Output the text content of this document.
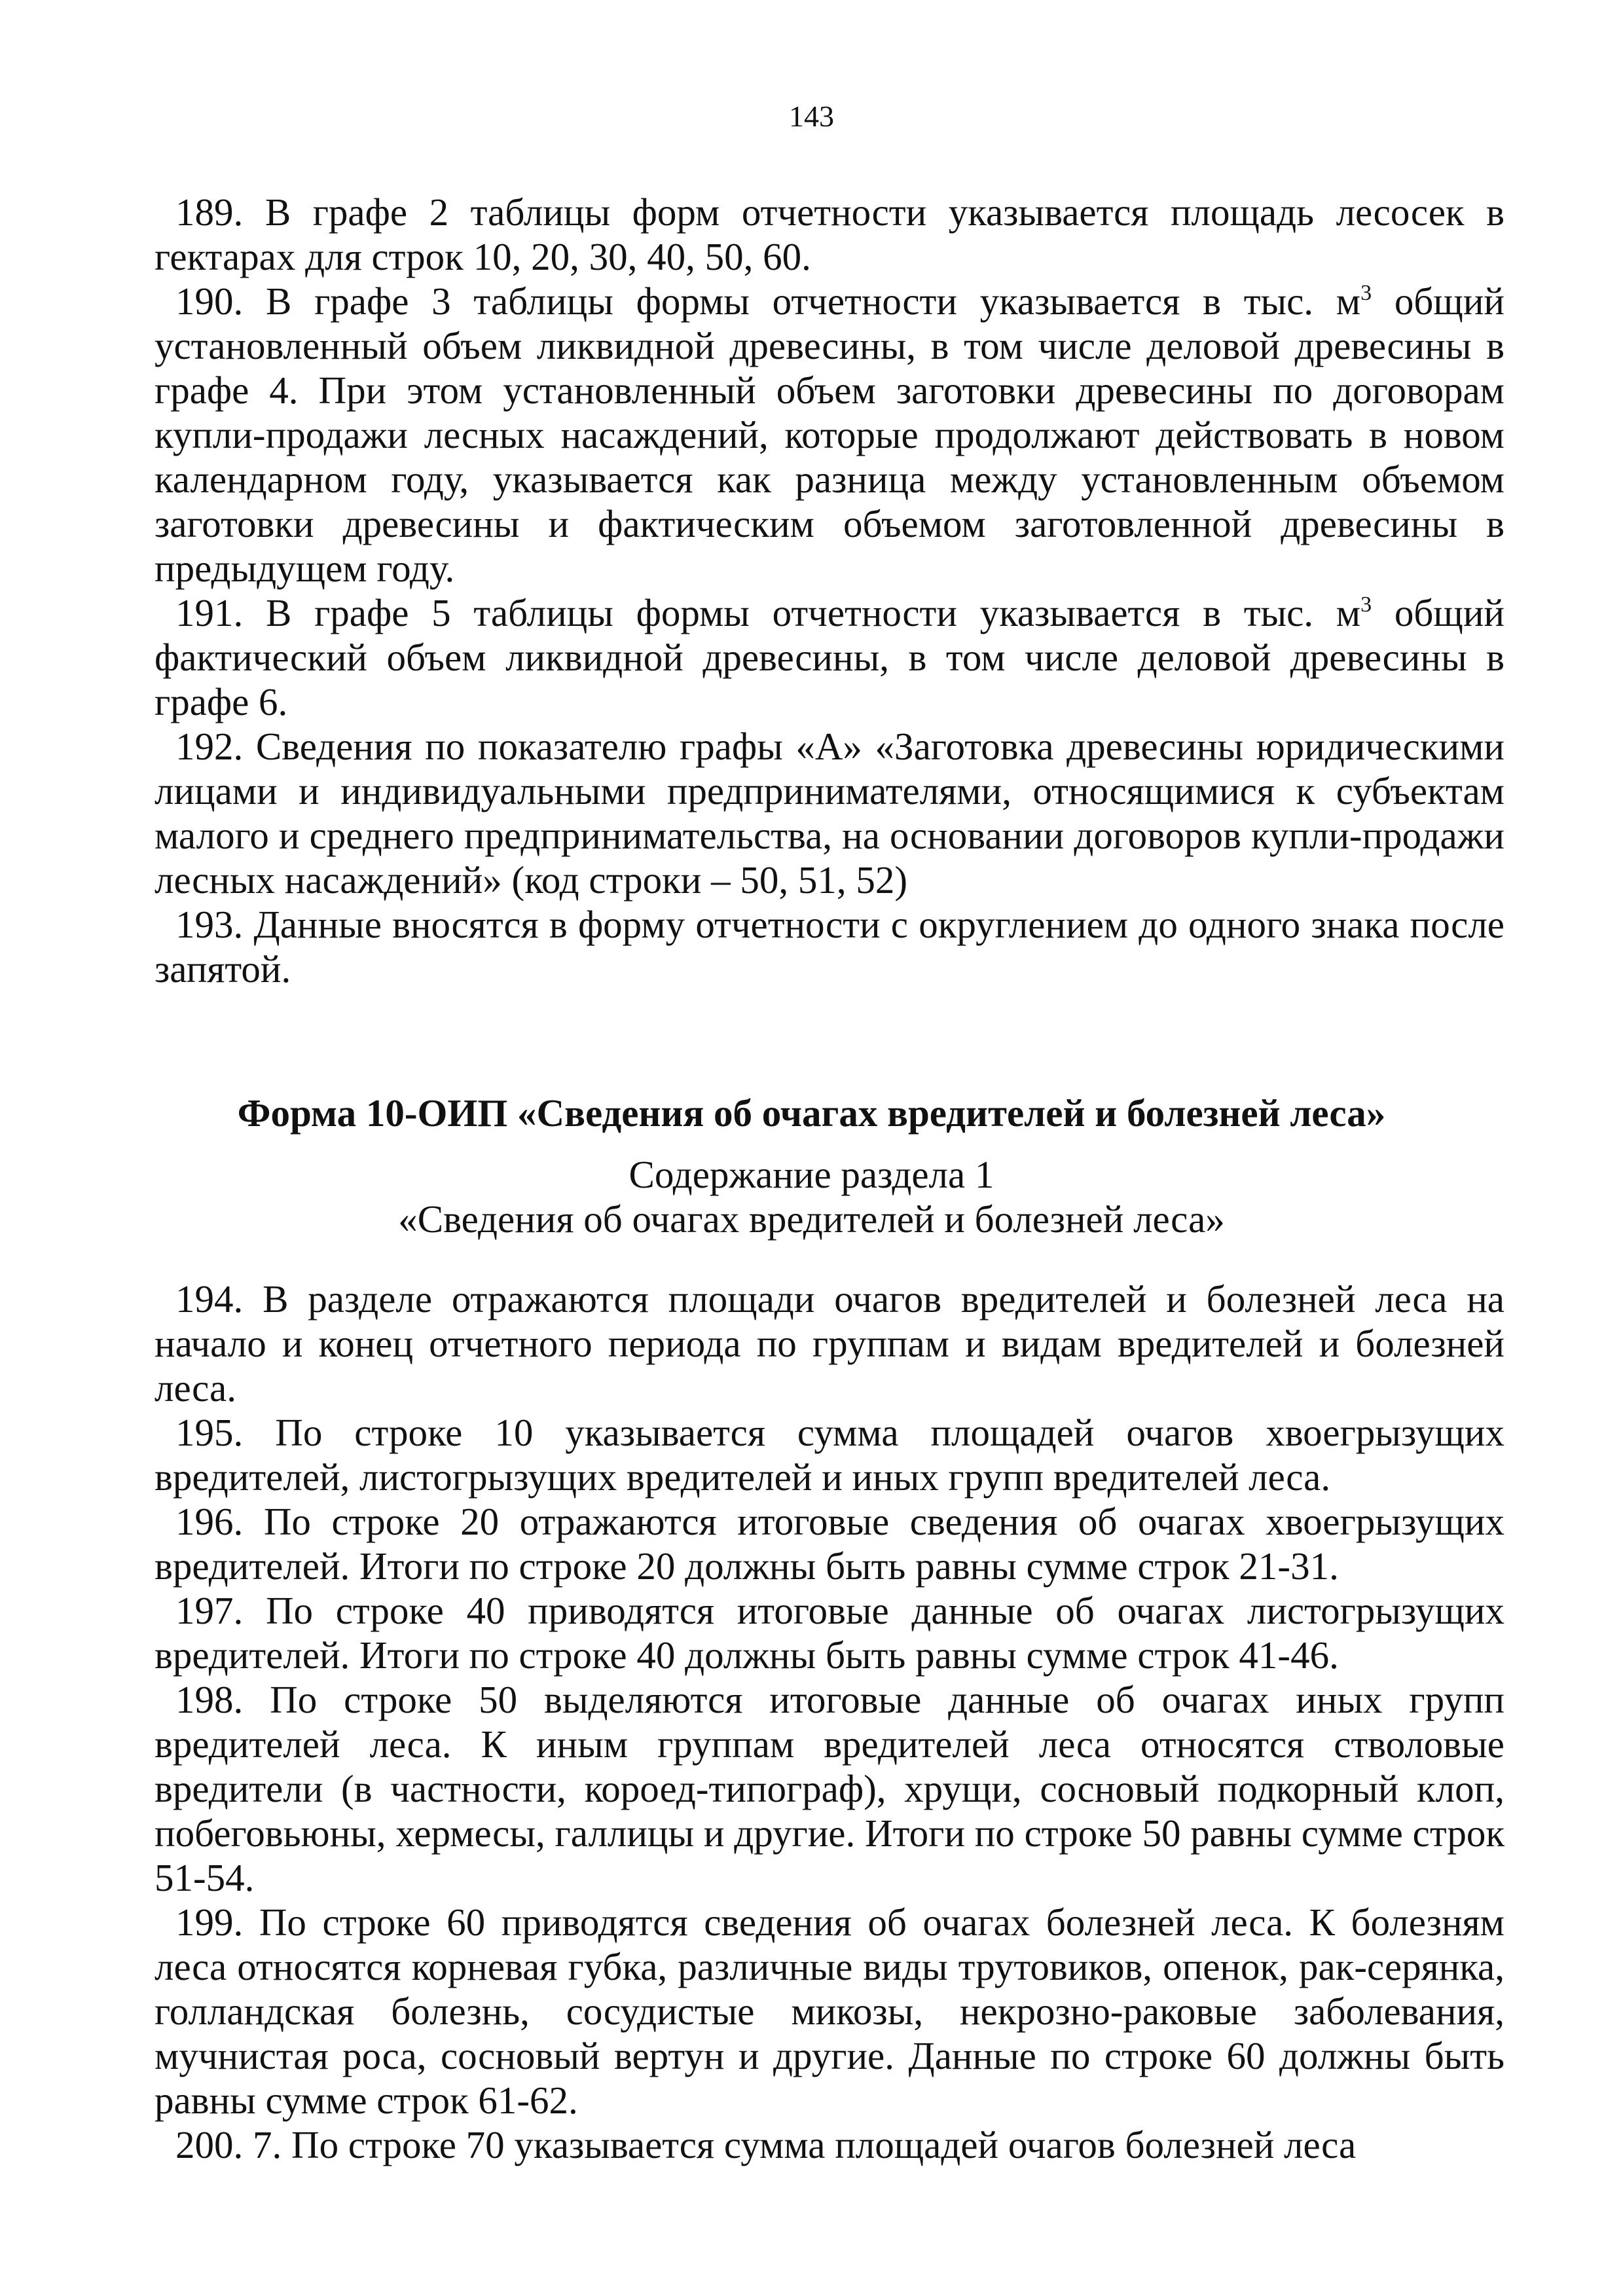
143

189. В графе 2 таблицы форм отчетности указывается площадь лесосек в гектарах для строк 10, 20, 30, 40, 50, 60.

190. В графе 3 таблицы формы отчетности указывается в тыс. $м^3$ общий установленный объем ликвидной древесины, в том числе деловой древесины в графе 4. При этом установленный объем заготовки древесины по договорам купли-продажи лесных насаждений, которые продолжают действовать в новом календарном году, указывается как разница между установленным объемом заготовки древесины и фактическим объемом заготовленной древесины в предыдущем году.

191. В графе 5 таблицы формы отчетности указывается в тыс. $м^3$ общий фактический объем ликвидной древесины, в том числе деловой древесины в графе 6.

192. Сведения по показателю графы «А» «Заготовка древесины юридическими лицами и индивидуальными предпринимателями, относящимися к субъектам малого и среднего предпринимательства, на основании договоров купли-продажи лесных насаждений» (код строки – 50, 51, 52)

193. Данные вносятся в форму отчетности с округлением до одного знака после запятой.

Форма 10-ОИП «Сведения об очагах вредителей и болезней леса»
Содержание раздела 1
«Сведения об очагах вредителей и болезней леса»

194. В разделе отражаются площади очагов вредителей и болезней леса на начало и конец отчетного периода по группам и видам вредителей и болезней леса.

195. По строке 10 указывается сумма площадей очагов хвоегрызущих вредителей, листогрызущих вредителей и иных групп вредителей леса.

196. По строке 20 отражаются итоговые сведения об очагах хвоегрызущих вредителей. Итоги по строке 20 должны быть равны сумме строк 21-31.

197. По строке 40 приводятся итоговые данные об очагах листогрызущих вредителей. Итоги по строке 40 должны быть равны сумме строк 41-46.

198. По строке 50 выделяются итоговые данные об очагах иных групп вредителей леса. К иным группам вредителей леса относятся стволовые вредители (в частности, короед-типограф), хрущи, сосновый подкорный клоп, побеговьюны, хермесы, галлицы и другие. Итоги по строке 50 равны сумме строк 51-54.

199. По строке 60 приводятся сведения об очагах болезней леса. К болезням леса относятся корневая губка, различные виды трутовиков, опенок, рак-серянка, голландская болезнь, сосудистые микозы, некрозно-раковые заболевания, мучнистая роса, сосновый вертун и другие. Данные по строке 60 должны быть равны сумме строк 61-62.

200. 7. По строке 70 указывается сумма площадей очагов болезней леса
